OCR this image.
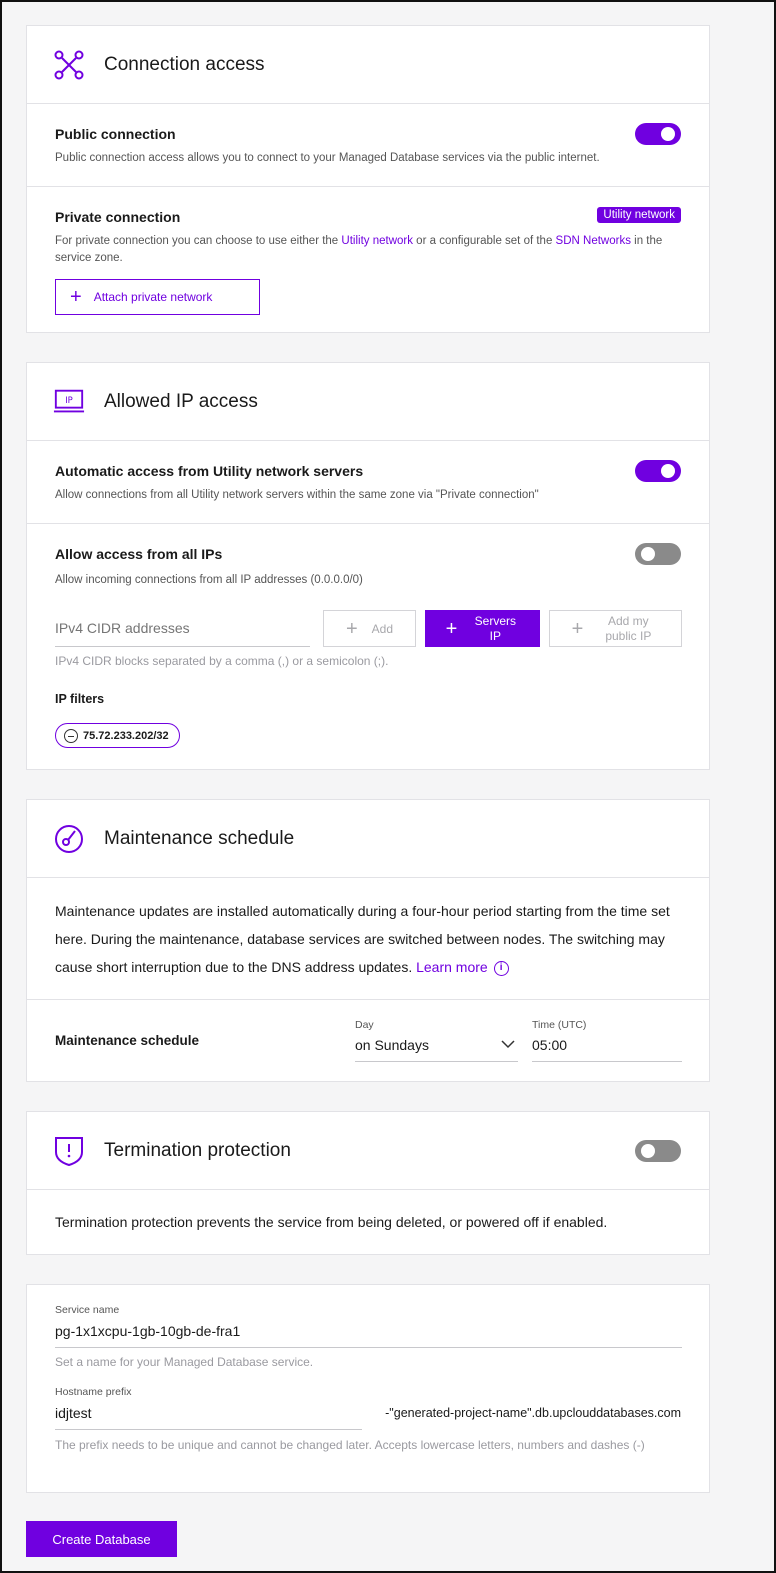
Connection access
Public connection
Public connection access allows you to connect to your Managed Database services via the public internet.
Private connection	Utility network
For private connection you can choose to use either the Utility network or a configurable set of the SDN Networks in the service zone.
+ Attach private network
IP Allowed IP access
Automatic access from Utility network servers
Allow connections from all Utility network servers within the same zone via "Private connection"
Allow access from all IPs
Allow incoming connections from all IP addresses (0.0.0.0/0)
IPv4 CIDR addresses
+ Add	+ Servers IP	+	Add my public IP
IPv4 CIDR blocks separated by a comma (,) or a semicolon (;).
IP filters
75.72.233.202/32
Maintenance schedule
Maintenance updates are installed automatically during a four-hour period starting from the time set here. During the maintenance, database services are switched between nodes. The switching may cause short interruption due to the DNS address updates. Learn more i
Maintenance schedule
Day
on Sundays
Time (UTC)
05:00
Termination protection
Termination protection prevents the service from being deleted, or powered off if enabled.
Service name
pg-1x1xcpu-1gb-10gb-de-fra1
Set a name for your Managed Database service.
Hostname prefix
idjtest	-"generated-project-name".db.upclouddatabases.com
The prefix needs to be unique and cannot be changed later. Accepts lowercase letters, numbers and dashes (-)
Create Database
